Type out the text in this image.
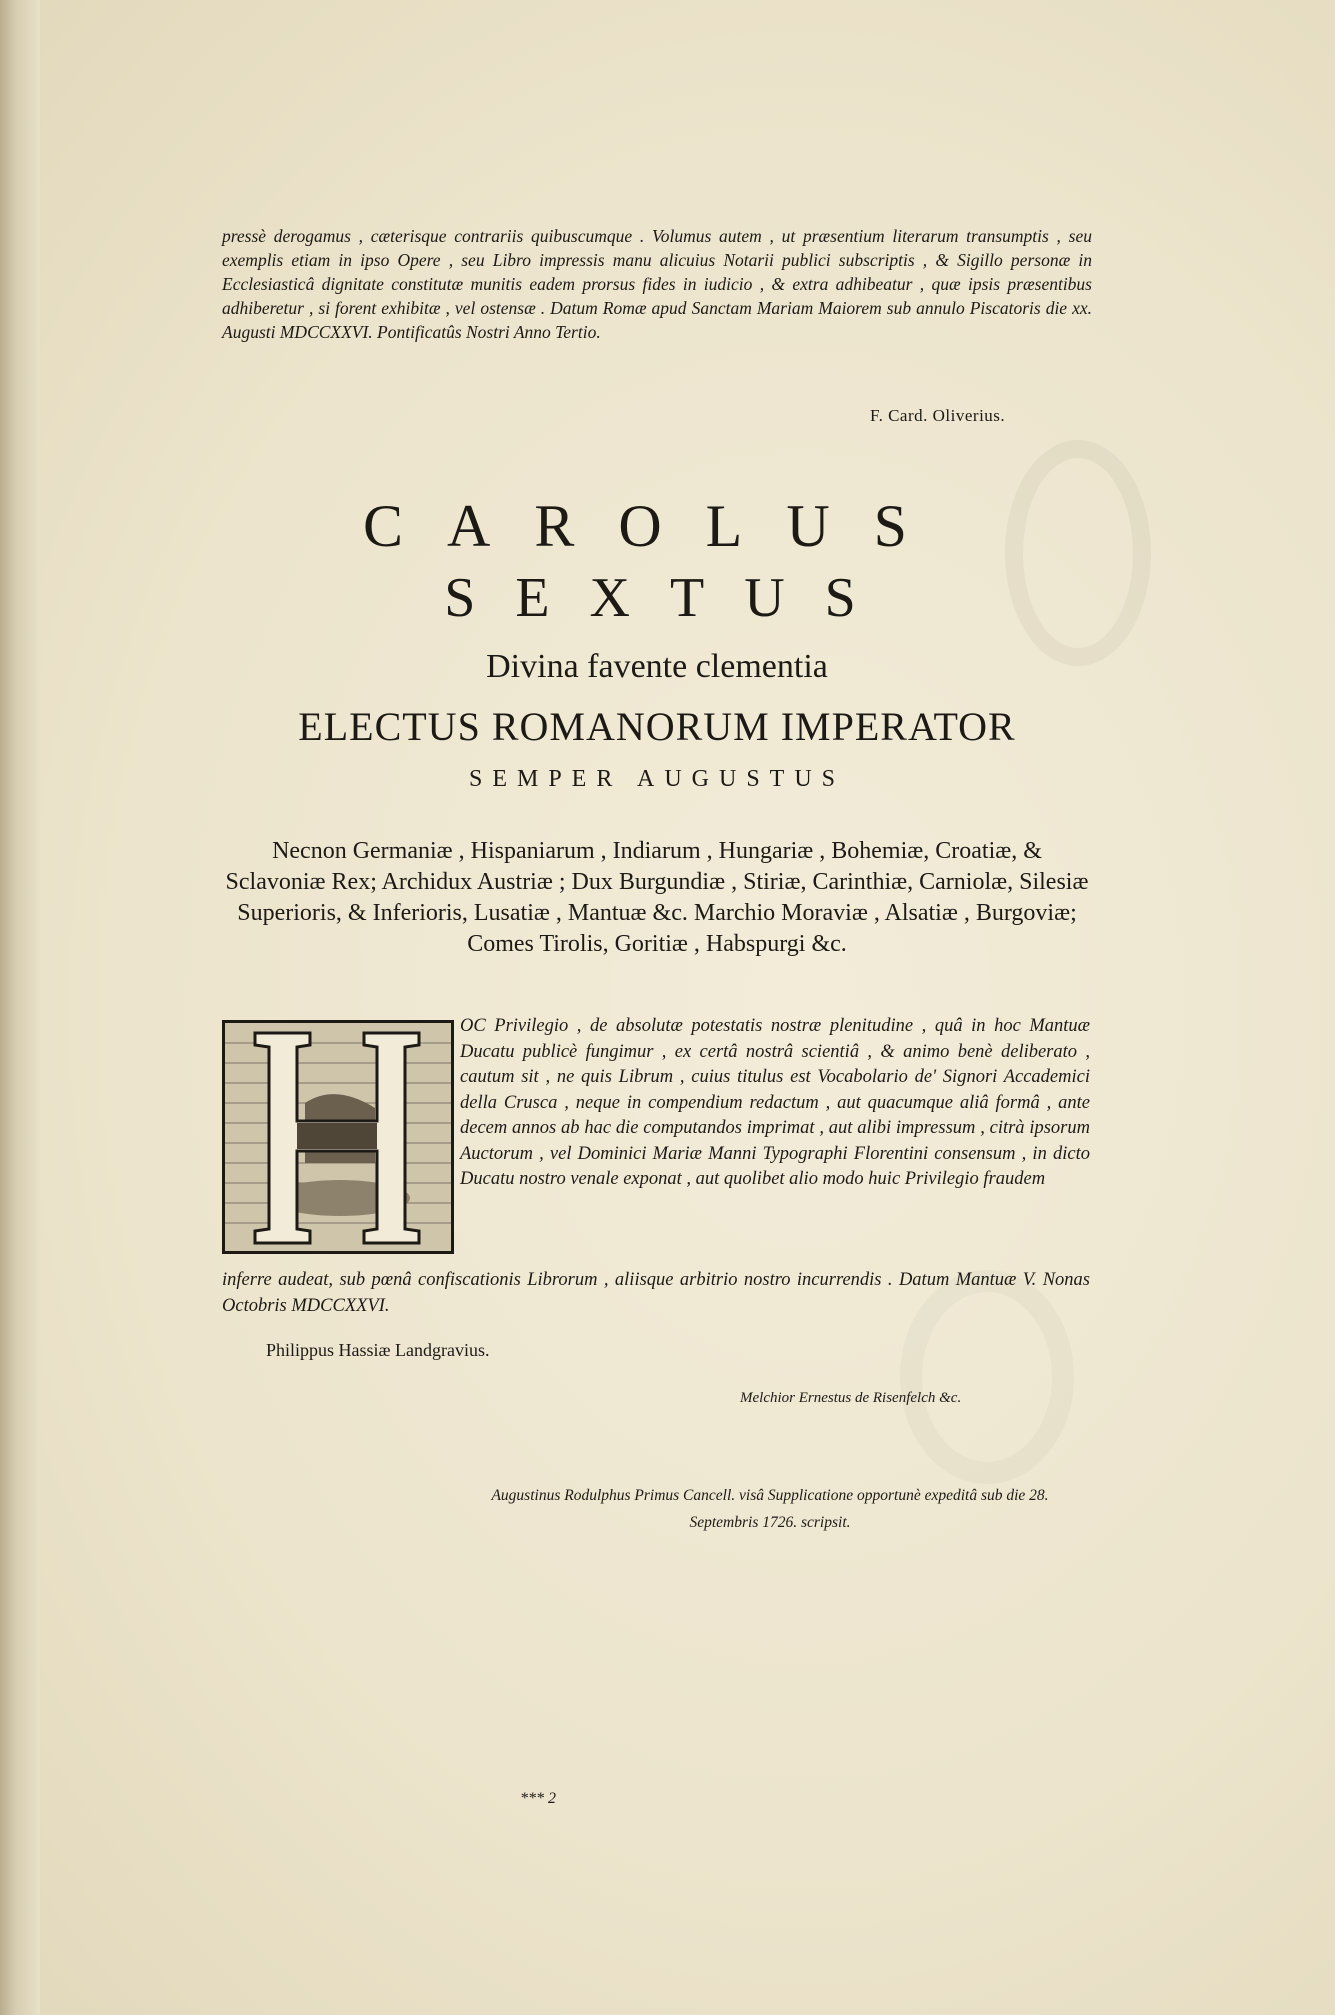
pressè derogamus , cæterisque contrariis quibuscumque . Volumus autem , ut præsentium literarum transumptis , seu exemplis etiam in ipso Opere , seu Libro impressis manu alicuius Notarii publici subscriptis , & Sigillo personæ in Ecclesiasticâ dignitate constitutæ munitis eadem prorsus fides in iudicio , & extra adhibeatur , quæ ipsis præsentibus adhiberetur , si forent exhibitæ , vel ostensæ . Datum Romæ apud Sanctam Mariam Maiorem sub annulo Piscatoris die xx. Augusti MDCCXXVI. Pontificatûs Nostri Anno Tertio.
F. Card. Oliverius.
CAROLUS
SEXTUS
Divina favente clementia
ELECTUS ROMANORUM IMPERATOR
SEMPER AUGUSTUS
Necnon Germaniæ , Hispaniarum , Indiarum , Hungariæ , Bohemiæ, Croatiæ, & Sclavoniæ Rex; Archidux Austriæ ; Dux Burgundiæ , Stiriæ, Carinthiæ, Carniolæ, Silesiæ Superioris, & Inferioris, Lusatiæ , Mantuæ &c. Marchio Moraviæ , Alsatiæ , Burgoviæ; Comes Tirolis, Goritiæ , Habspurgi &c.
OC Privilegio , de absolutæ potestatis nostræ plenitudine , quâ in hoc Mantuæ Ducatu publicè fungimur , ex certâ nostrâ scientiâ , & animo benè deliberato , cautum sit , ne quis Librum , cuius titulus est Vocabolario de' Signori Accademici della Crusca , neque in compendium redactum , aut quacumque aliâ formâ , ante decem annos ab hac die computandos imprimat , aut alibi impressum , citrà ipsorum Auctorum , vel Dominici Mariæ Manni Typographi Florentini consensum , in dicto Ducatu nostro venale exponat , aut quolibet alio modo huic Privilegio fraudem
inferre audeat, sub pœnâ confiscationis Librorum , aliisque arbitrio nostro incurrendis . Datum Mantuæ V. Nonas Octobris MDCCXXVI.
Philippus Hassiæ Landgravius.
Melchior Ernestus de Risenfelch &c.
Augustinus Rodulphus Primus Cancell. visâ Supplicatione opportunè expeditâ sub die 28. Septembris 1726. scripsit.
*** 2
